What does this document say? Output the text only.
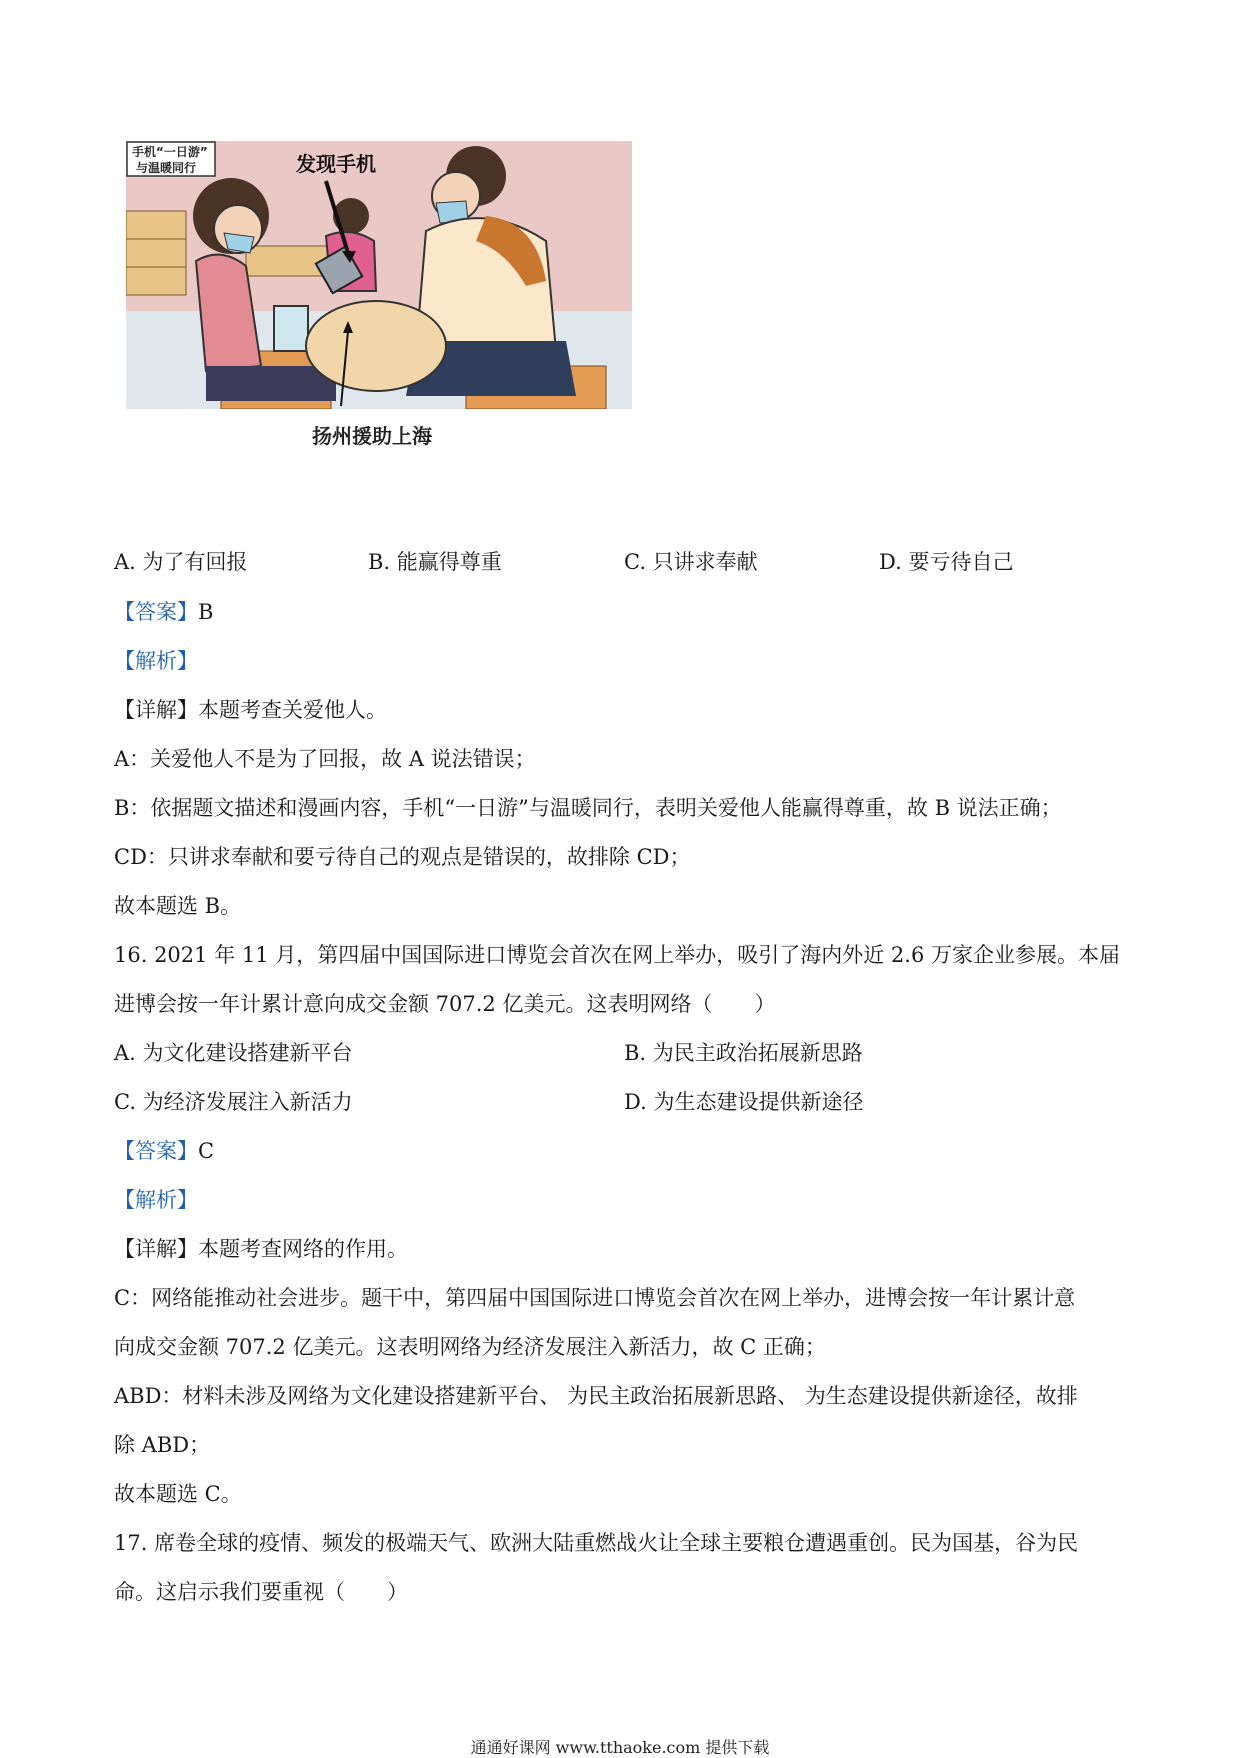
手机“一日游”
与温暖同行	发现手机
扬州援助上海
A. 为了有回报	B. 能赢得尊重	C. 只讲求奉献	D. 要亏待自己
【答案】B
【解析】
【详解】本题考查关爱他人。
A：关爱他人不是为了回报，故 A 说法错误；
B：依据题文描述和漫画内容，手机“一日游”与温暖同行，表明关爱他人能赢得尊重，故 B 说法正确；
CD：只讲求奉献和要亏待自己的观点是错误的，故排除 CD；
故本题选 B。
16. 2021 年 11 月，第四届中国国际进口博览会首次在网上举办，吸引了海内外近 2.6 万家企业参展。本届
进博会按一年计累计意向成交金额 707.2 亿美元。这表明网络（　　）
A. 为文化建设搭建新平台	B. 为民主政治拓展新思路
C. 为经济发展注入新活力	D. 为生态建设提供新途径
【答案】C
【解析】
【详解】本题考查网络的作用。
C：网络能推动社会进步。题干中，第四届中国国际进口博览会首次在网上举办，进博会按一年计累计意
向成交金额 707.2 亿美元。这表明网络为经济发展注入新活力，故 C 正确；
ABD：材料未涉及网络为文化建设搭建新平台、 为民主政治拓展新思路、 为生态建设提供新途径，故排
除 ABD；
故本题选 C。
17. 席卷全球的疫情、频发的极端天气、欧洲大陆重燃战火让全球主要粮仓遭遇重创。民为国基，谷为民
命。这启示我们要重视（　　）
通通好课网 www.tthaoke.com 提供下载
